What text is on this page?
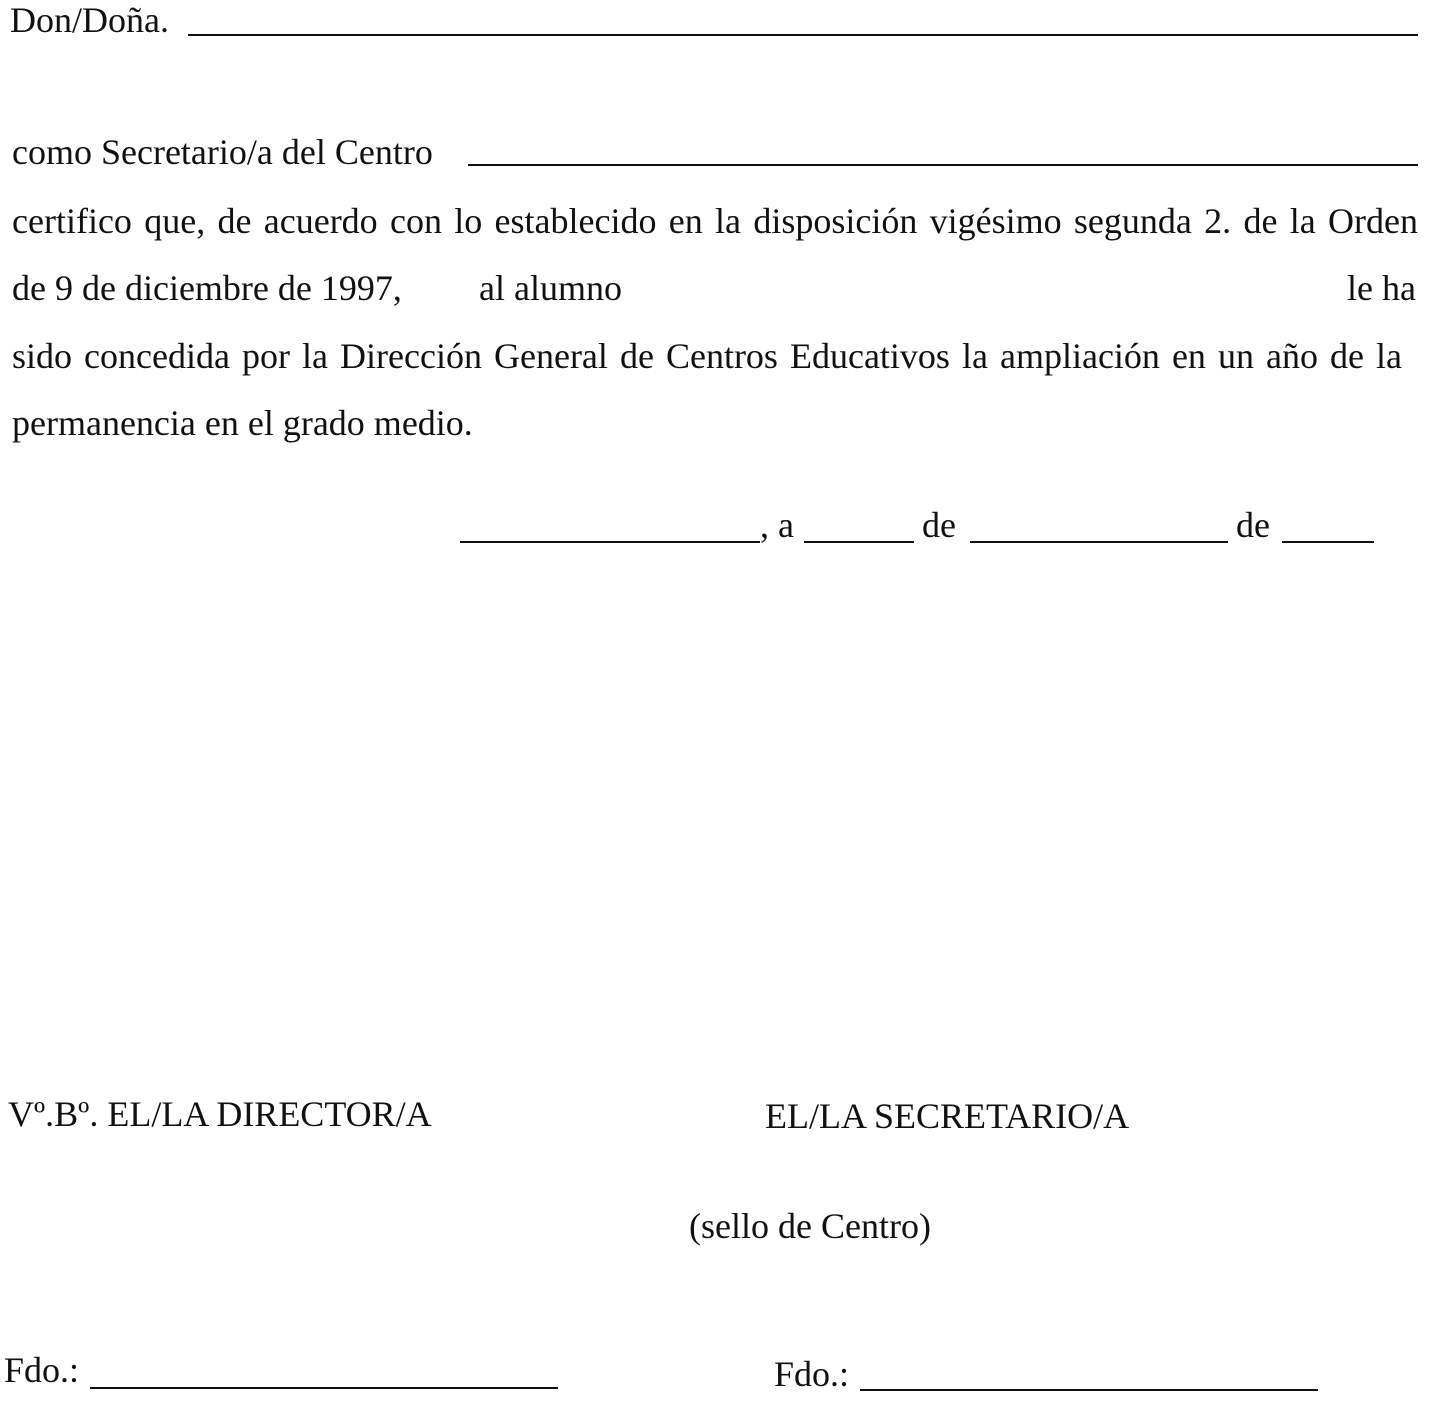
Don/Doña.
como Secretario/a del Centro
certifico que, de acuerdo con lo establecido en la disposición vigésimo segunda 2. de la Orden
de 9 de diciembre de 1997, al alumno	le ha
sido concedida por la Dirección General de Centros Educativos la ampliación en un año de la
permanencia en el grado medio.
, a	de	de
Vº.Bº. EL/LA DIRECTOR/A	EL/LA SECRETARIO/A
(sello de Centro)
Fdo.:	Fdo.:
